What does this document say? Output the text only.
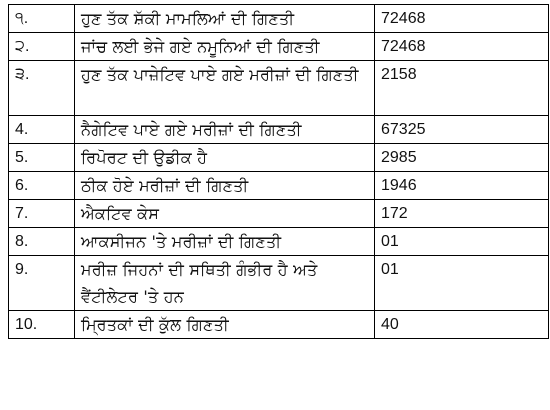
੧.	ਹੁਣ ਤੱਕ ਸ਼ੱਕੀ ਮਾਮਲਿਆਂ ਦੀ ਗਿਣਤੀ	72468
੨.	ਜਾਂਚ ਲਈ ਭੇਜੇ ਗਏ ਨਮੂਨਿਆਂ ਦੀ ਗਿਣਤੀ	72468
੩.	ਹੁਣ ਤੱਕ ਪਾਜ਼ੇਟਿਵ ਪਾਏ ਗਏ ਮਰੀਜ਼ਾਂ ਦੀ ਗਿਣਤੀ	2158
4.	ਨੈਗੇਟਿਵ ਪਾਏ ਗਏ ਮਰੀਜ਼ਾਂ ਦੀ ਗਿਣਤੀ	67325
5.	ਰਿਪੋਰਟ ਦੀ ਉਡੀਕ ਹੈ	2985
6.	ਠੀਕ ਹੋਏ ਮਰੀਜ਼ਾਂ ਦੀ ਗਿਣਤੀ	1946
7.	ਐਕਟਿਵ ਕੇਸ	172
8.	ਆਕਸੀਜਨ 'ਤੇ ਮਰੀਜ਼ਾਂ ਦੀ ਗਿਣਤੀ	01
9.	ਮਰੀਜ਼ ਜਿਹਨਾਂ ਦੀ ਸਥਿਤੀ ਗੰਭੀਰ ਹੈ ਅਤੇ ਵੈਂਟੀਲੇਟਰ 'ਤੇ ਹਨ	01
10.	ਮ੍ਰਿਤਕਾਂ ਦੀ ਕੁੱਲ ਗਿਣਤੀ	40
